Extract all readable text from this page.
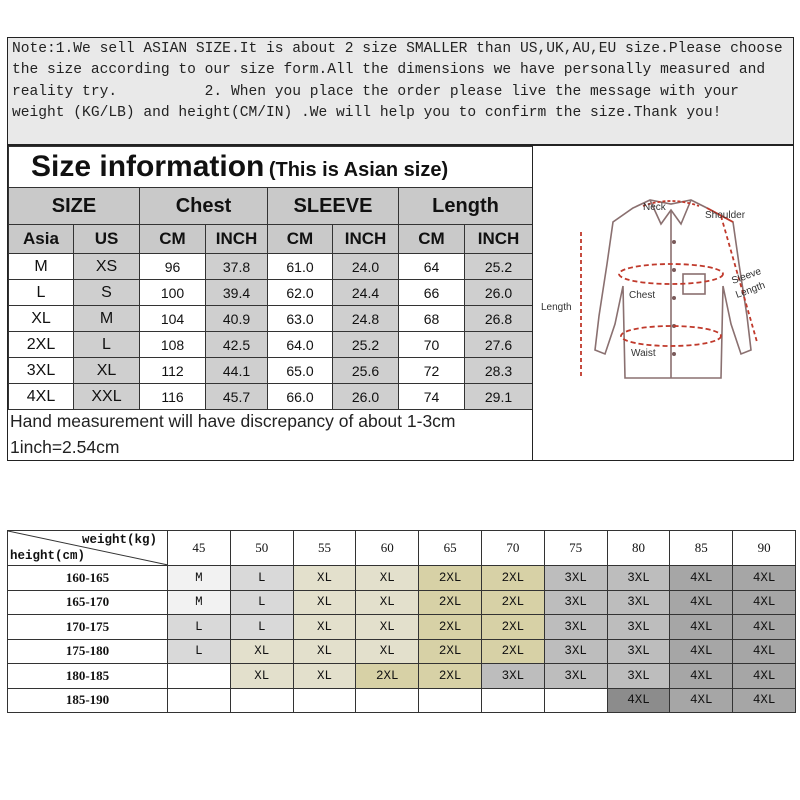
Note:1.We sell ASIAN SIZE.It is about 2 size SMALLER than US,UK,AU,EU size.Please choose the size according to our size form.All the dimensions we have personally measured and reality try.          2. When you place the order please live the message with your weight (KG/LB) and height(CM/IN) .We will help you to confirm the size.Thank you!
Size information (This is Asian size)							
SIZE		Chest		SLEEVE		Length	
Asia	US	CM	INCH	CM	INCH	CM	INCH
M	XS	96	37.8	61.0	24.0	64	25.2
L	S	100	39.4	62.0	24.4	66	26.0
XL	M	104	40.9	63.0	24.8	68	26.8
2XL	L	108	42.5	64.0	25.2	70	27.6
3XL	XL	112	44.1	65.0	25.6	72	28.3
4XL	XXL	116	45.7	66.0	26.0	74	29.1
Hand measurement will have discrepancy of about 1-3cm
1inch=2.54cm
Neck
Shoulder
Chest
Waist
Length
Sleeve
Length
weight(kg)
height(cm)	45	50	55	60	65	70	75	80	85	90
160-165	M	L	XL	XL	2XL	2XL	3XL	3XL	4XL	4XL
165-170	M	L	XL	XL	2XL	2XL	3XL	3XL	4XL	4XL
170-175	L	L	XL	XL	2XL	2XL	3XL	3XL	4XL	4XL
175-180	L	XL	XL	XL	2XL	2XL	3XL	3XL	4XL	4XL
180-185		XL	XL	2XL	2XL	3XL	3XL	3XL	4XL	4XL
185-190								4XL	4XL	4XL
